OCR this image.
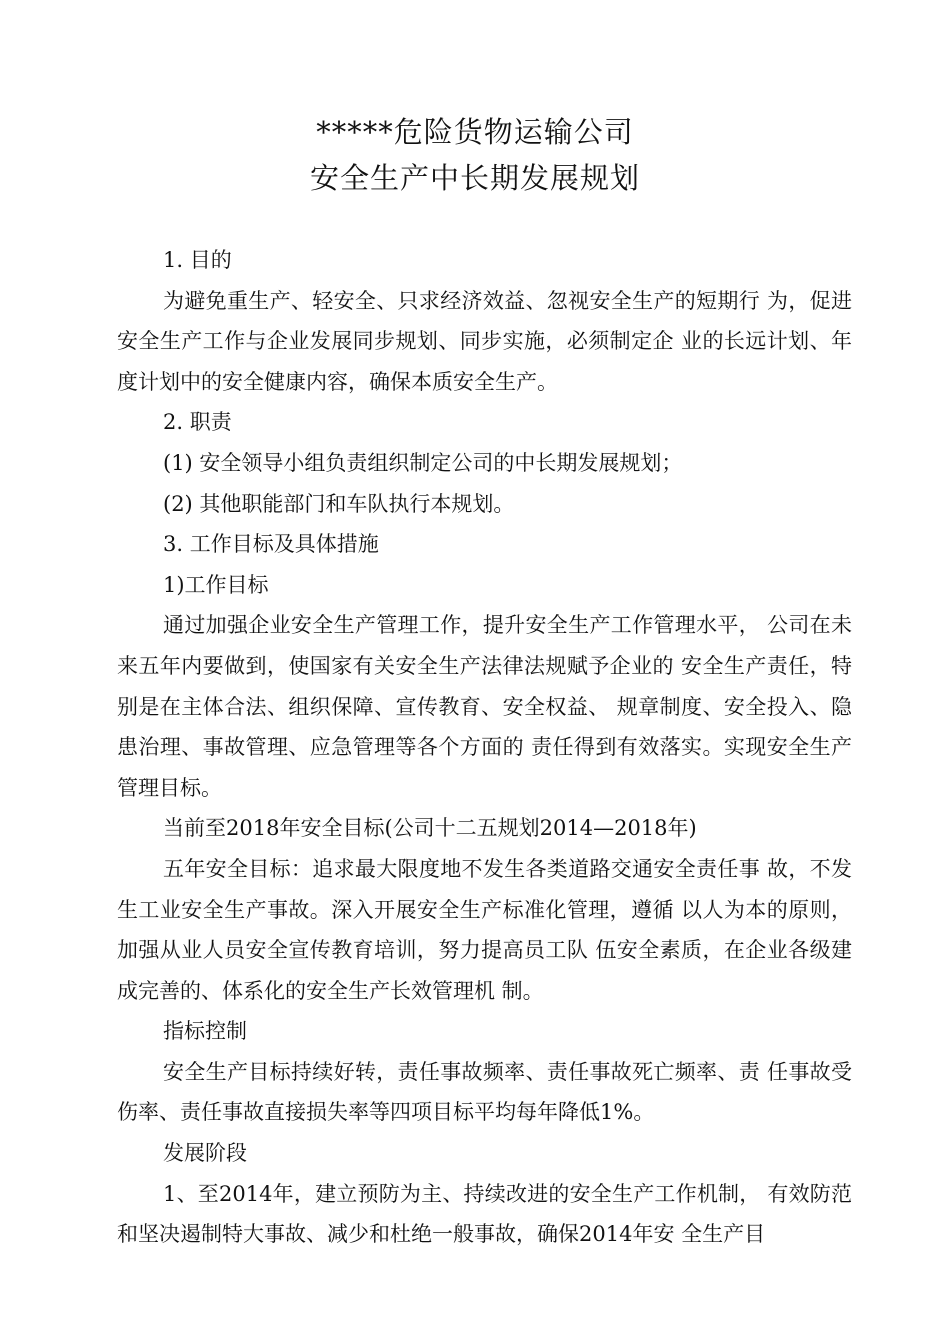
*****危险货物运输公司
安全生产中长期发展规划

1. 目的

为避免重生产、轻安全、只求经济效益、忽视安全生产的短期行 为，促进安全生产工作与企业发展同步规划、同步实施，必须制定企 业的长远计划、年度计划中的安全健康内容，确保本质安全生产。

2. 职责

(1) 安全领导小组负责组织制定公司的中长期发展规划；

(2) 其他职能部门和车队执行本规划。

3. 工作目标及具体措施

1)工作目标

通过加强企业安全生产管理工作，提升安全生产工作管理水平， 公司在未来五年内要做到，使国家有关安全生产法律法规赋予企业的 安全生产责任，特别是在主体合法、组织保障、宣传教育、安全权益、 规章制度、安全投入、隐患治理、事故管理、应急管理等各个方面的 责任得到有效落实。实现安全生产管理目标。

当前至2018年安全目标(公司十二五规划2014—2018年)

五年安全目标：追求最大限度地不发生各类道路交通安全责任事 故，不发生工业安全生产事故。深入开展安全生产标准化管理，遵循 以人为本的原则，加强从业人员安全宣传教育培训，努力提高员工队 伍安全素质，在企业各级建成完善的、体系化的安全生产长效管理机 制。

指标控制

安全生产目标持续好转，责任事故频率、责任事故死亡频率、责 任事故受伤率、责任事故直接损失率等四项目标平均每年降低1%。

发展阶段

1、至2014年，建立预防为主、持续改进的安全生产工作机制， 有效防范和坚决遏制特大事故、减少和杜绝一般事故，确保2014年安 全生产目
